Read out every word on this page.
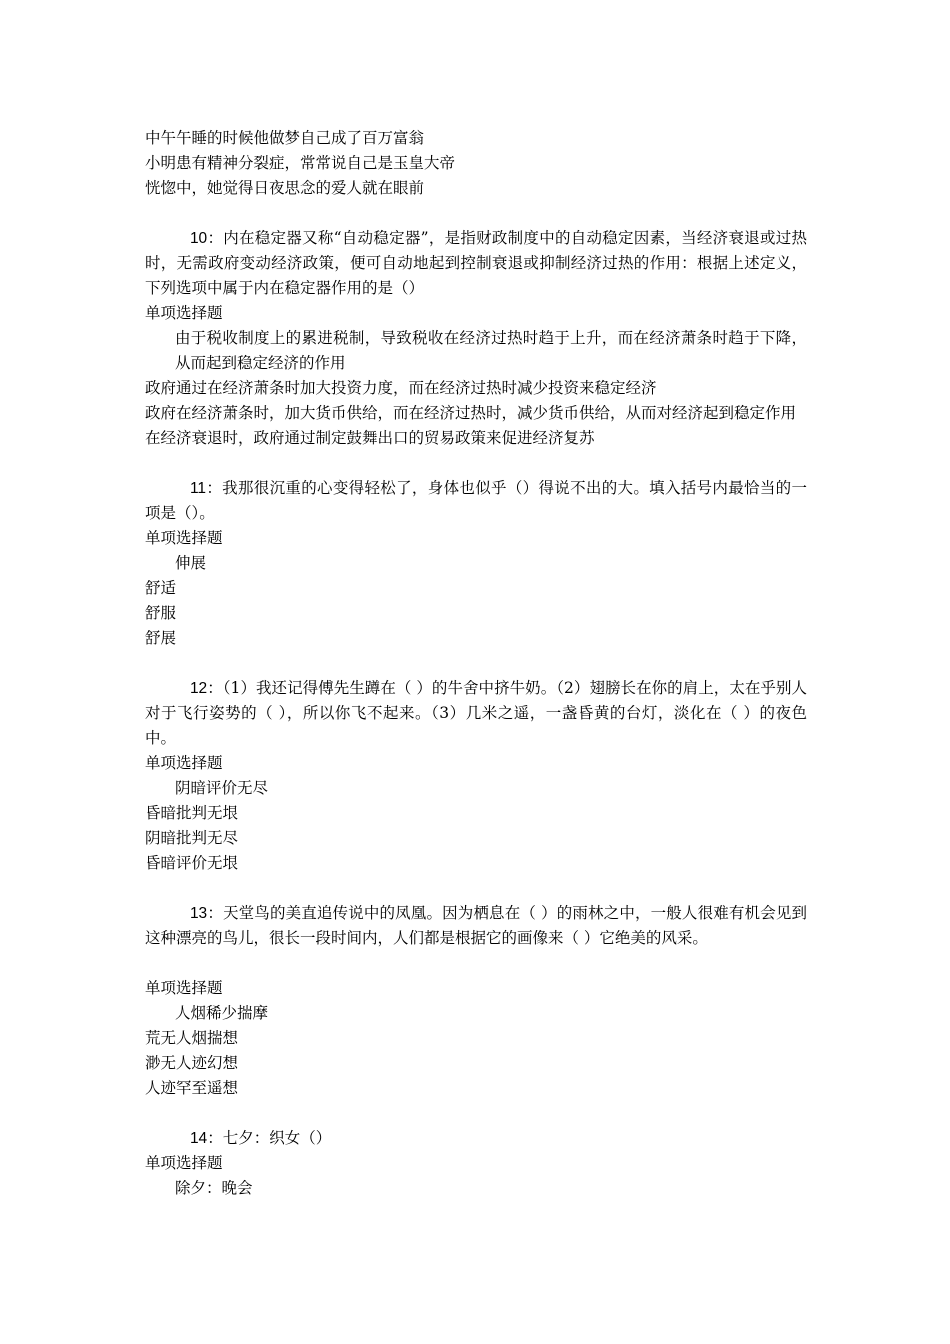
中午午睡的时候他做梦自己成了百万富翁
小明患有精神分裂症，常常说自己是玉皇大帝
恍惚中，她觉得日夜思念的爱人就在眼前
10：内在稳定器又称“自动稳定器”，是指财政制度中的自动稳定因素，当经济衰退或过热时，无需政府变动经济政策，便可自动地起到控制衰退或抑制经济过热的作用：根据上述定义，下列选项中属于内在稳定器作用的是（）
单项选择题
由于税收制度上的累进税制，导致税收在经济过热时趋于上升，而在经济萧条时趋于下降，从而起到稳定经济的作用
政府通过在经济萧条时加大投资力度，而在经济过热时减少投资来稳定经济
政府在经济萧条时，加大货币供给，而在经济过热时，减少货币供给，从而对经济起到稳定作用
在经济衰退时，政府通过制定鼓舞出口的贸易政策来促进经济复苏
11：我那很沉重的心变得轻松了，身体也似乎（）得说不出的大。填入括号内最恰当的一项是（）。
单项选择题
伸展
舒适
舒服
舒展
12：（1）我还记得傅先生蹲在（ ）的牛舍中挤牛奶。（2）翅膀长在你的肩上，太在乎别人对于飞行姿势的（ ），所以你飞不起来。（3）几米之遥，一盏昏黄的台灯，淡化在（ ）的夜色中。
单项选择题
阴暗评价无尽
昏暗批判无垠
阴暗批判无尽
昏暗评价无垠
13：天堂鸟的美直追传说中的凤凰。因为栖息在（ ）的雨林之中，一般人很难有机会见到这种漂亮的鸟儿，很长一段时间内，人们都是根据它的画像来（ ）它绝美的风采。
单项选择题
人烟稀少揣摩
荒无人烟揣想
渺无人迹幻想
人迹罕至遥想
14：七夕：织女（）
单项选择题
除夕：晚会
